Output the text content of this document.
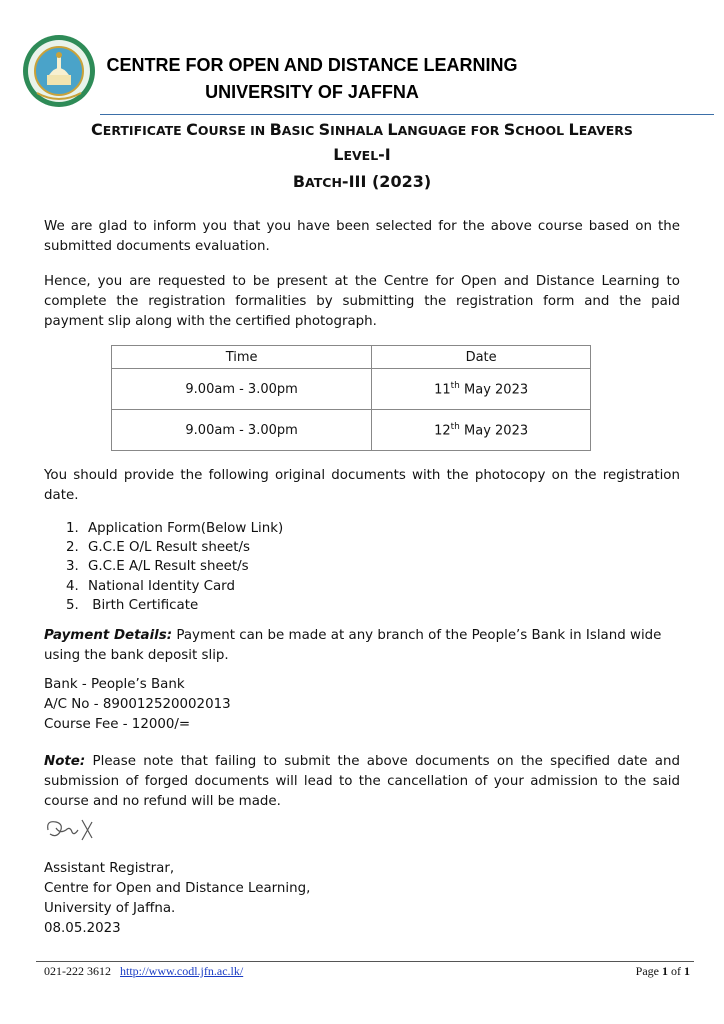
CENTRE FOR OPEN AND DISTANCE LEARNING
UNIVERSITY OF JAFFNA
CERTIFICATE COURSE IN BASIC SINHALA LANGUAGE FOR SCHOOL LEAVERS
LEVEL-I
BATCH-III (2023)
We are glad to inform you that you have been selected for the above course based on the submitted documents evaluation.
Hence, you are requested to be present at the Centre for Open and Distance Learning to complete the registration formalities by submitting the registration form and the paid payment slip along with the certified photograph.
Time	Date
9.00am - 3.00pm	11th May 2023
9.00am - 3.00pm	12th May 2023
You should provide the following original documents with the photocopy on the registration date.
1. Application Form(Below Link)
2. G.C.E O/L Result sheet/s
3. G.C.E A/L Result sheet/s
4. National Identity Card
5. Birth Certificate
Payment Details: Payment can be made at any branch of the People’s Bank in Island wide using the bank deposit slip.
Bank - People’s Bank
A/C No - 890012520002013
Course Fee - 12000/=
Note: Please note that failing to submit the above documents on the specified date and submission of forged documents will lead to the cancellation of your admission to the said course and no refund will be made.
Assistant Registrar,
Centre for Open and Distance Learning,
University of Jaffna.
08.05.2023
021-222 3612 http://www.codl.jfn.ac.lk/	Page 1 of 1
